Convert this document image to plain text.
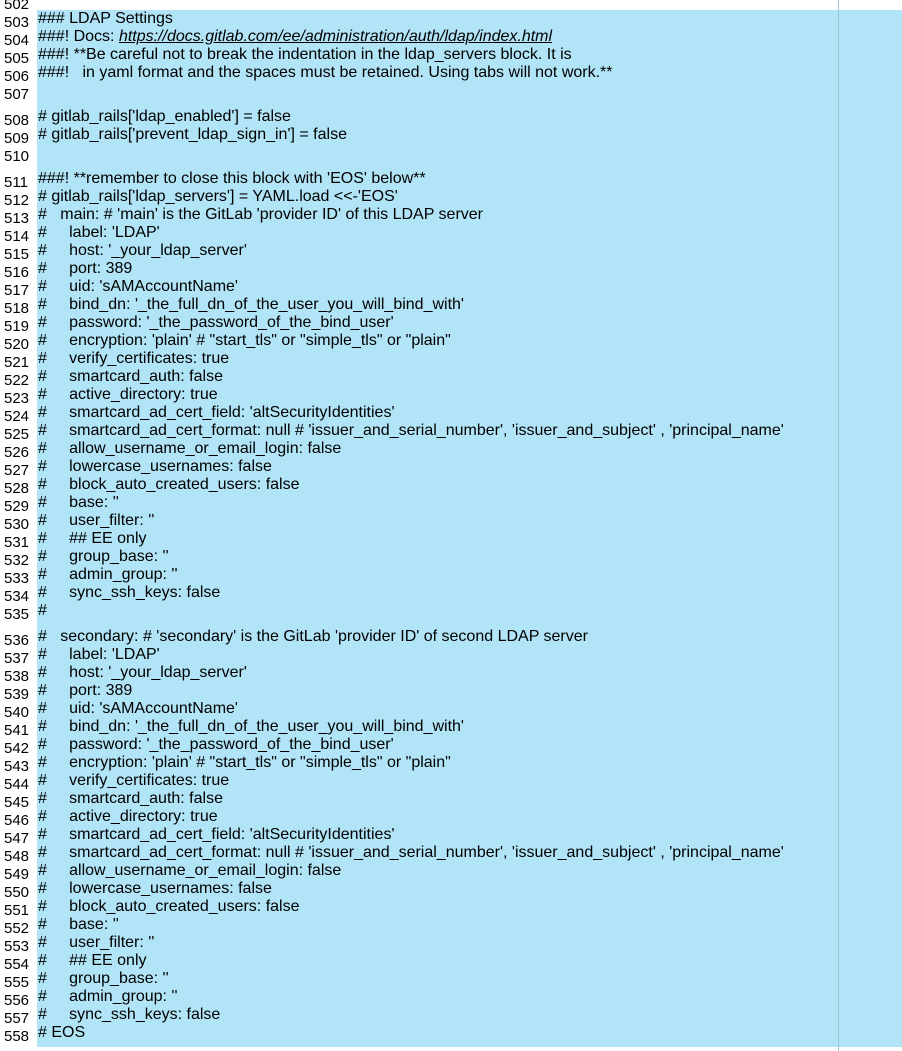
502
503 ### LDAP Settings
504 ###! Docs: https://docs.gitlab.com/ee/administration/auth/ldap/index.html
505 ###! **Be careful not to break the indentation in the ldap_servers block. It is
506 ###!   in yaml format and the spaces must be retained. Using tabs will not work.**
507
508 # gitlab_rails['ldap_enabled'] = false
509 # gitlab_rails['prevent_ldap_sign_in'] = false
510
511 ###! **remember to close this block with 'EOS' below**
512 # gitlab_rails['ldap_servers'] = YAML.load <<-'EOS'
513 #   main: # 'main' is the GitLab 'provider ID' of this LDAP server
514 #     label: 'LDAP'
515 #     host: '_your_ldap_server'
516 #     port: 389
517 #     uid: 'sAMAccountName'
518 #     bind_dn: '_the_full_dn_of_the_user_you_will_bind_with'
519 #     password: '_the_password_of_the_bind_user'
520 #     encryption: 'plain' # "start_tls" or "simple_tls" or "plain"
521 #     verify_certificates: true
522 #     smartcard_auth: false
523 #     active_directory: true
524 #     smartcard_ad_cert_field: 'altSecurityIdentities'
525 #     smartcard_ad_cert_format: null # 'issuer_and_serial_number', 'issuer_and_subject' , 'principal_name'
526 #     allow_username_or_email_login: false
527 #     lowercase_usernames: false
528 #     block_auto_created_users: false
529 #     base: ''
530 #     user_filter: ''
531 #     ## EE only
532 #     group_base: ''
533 #     admin_group: ''
534 #     sync_ssh_keys: false
535 #
536 #   secondary: # 'secondary' is the GitLab 'provider ID' of second LDAP server
537 #     label: 'LDAP'
538 #     host: '_your_ldap_server'
539 #     port: 389
540 #     uid: 'sAMAccountName'
541 #     bind_dn: '_the_full_dn_of_the_user_you_will_bind_with'
542 #     password: '_the_password_of_the_bind_user'
543 #     encryption: 'plain' # "start_tls" or "simple_tls" or "plain"
544 #     verify_certificates: true
545 #     smartcard_auth: false
546 #     active_directory: true
547 #     smartcard_ad_cert_field: 'altSecurityIdentities'
548 #     smartcard_ad_cert_format: null # 'issuer_and_serial_number', 'issuer_and_subject' , 'principal_name'
549 #     allow_username_or_email_login: false
550 #     lowercase_usernames: false
551 #     block_auto_created_users: false
552 #     base: ''
553 #     user_filter: ''
554 #     ## EE only
555 #     group_base: ''
556 #     admin_group: ''
557 #     sync_ssh_keys: false
558 # EOS
